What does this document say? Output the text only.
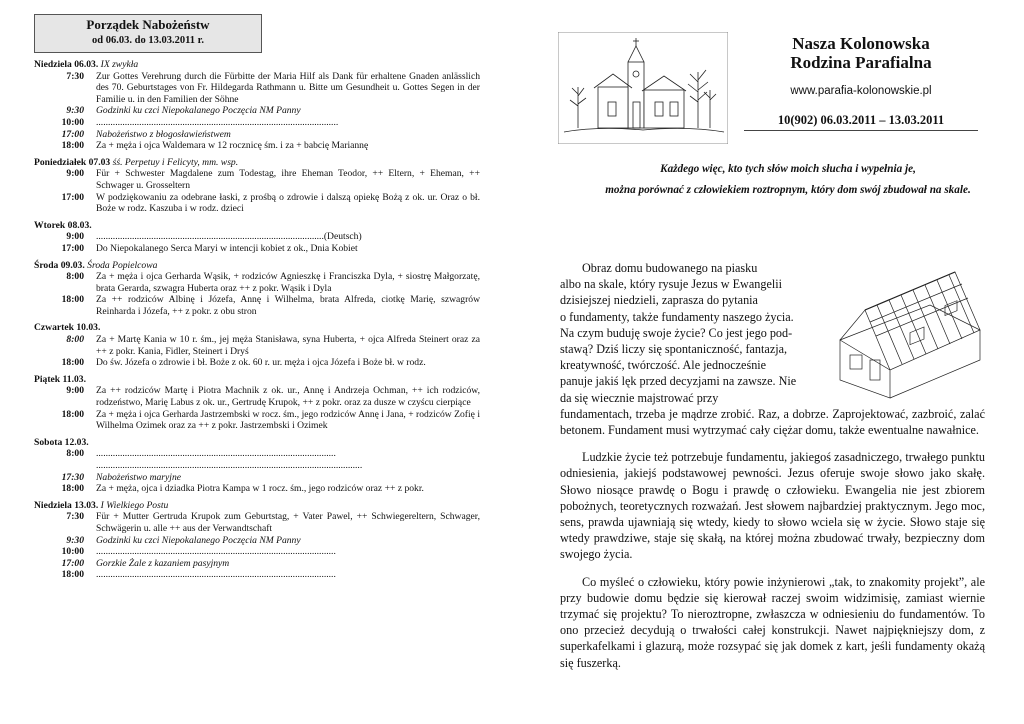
Porządek Nabożeństw
od 06.03. do 13.03.2011 r.
Niedziela 06.03. IX zwykła
7:30	Zur Gottes Verehrung durch die Fürbitte der Maria Hilf als Dank für erhaltene Gnaden anlässlich des 70. Geburtstages von Fr. Hildegarda Rathmann u. Bitte um Gesundheit u. Gottes Segen in der Familie u. in den Familien der Söhne
9:30	Godzinki ku czci Niepokalanego Poczęcia NM Panny
10:00	.....................................................................................................
17:00	Nabożeństwo z błogosławieństwem
18:00	Za + męża i ojca Waldemara w 12 rocznicę śm. i za + babcię Mariannę
Poniedziałek 07.03 śś. Perpetuy i Felicyty, mm. wsp.
9:00	Für + Schwester Magdalene zum Todestag, ihre Eheman Teodor, ++ Eltern, + Eheman, ++ Schwager u. Grosseltern
17:00	W podziękowaniu za odebrane łaski, z prośbą o zdrowie i dalszą opiekę Bożą z ok. ur. Oraz o bł. Boże w rodz. Kaszuba i w rodz. dzieci
Wtorek 08.03.
9:00	...............................................................................................(Deutsch)
17:00	Do Niepokalanego Serca Maryi w intencji kobiet z ok., Dnia Kobiet
Środa 09.03. Środa Popielcowa
8:00	Za + męża i ojca Gerharda Wąsik, + rodziców Agnieszkę i Franciszka Dyla, + siostrę Małgorzatę, brata Gerarda, szwagra Huberta oraz ++ z pokr. Wąsik i Dyla
18:00	Za ++ rodziców Albinę i Józefa, Annę i Wilhelma, brata Alfreda, ciotkę Marię, szwagrów Reinharda i Józefa, ++ z pokr. z obu stron
Czwartek 10.03.
8:00	Za + Martę Kania w 10 r. śm., jej męża Stanisława, syna Huberta, + ojca Alfreda Steinert oraz za ++ z pokr. Kania, Fidler, Steinert i Dryś
18:00	Do św. Józefa o zdrowie i bł. Boże z ok. 60 r. ur. męża i ojca Józefa i Boże bł. w rodz.
Piątek 11.03.
9:00	Za ++ rodziców Martę i Piotra Machnik z ok. ur., Annę i Andrzeja Ochman, ++ ich rodziców, rodzeństwo, Marię Labus z ok. ur., Gertrudę Krupok, ++ z pokr. oraz za dusze w czyścu cierpiące
18:00	Za + męża i ojca Gerharda Jastrzembski w rocz. śm., jego rodziców Annę i Jana, + rodziców Zofię i Wilhelma Ozimek oraz za ++ z pokr. Jastrzembski i Ozimek
Sobota 12.03.
8:00	....................................................................................................
...............................................................................................................
17:30	Nabożeństwo maryjne
18:00	Za + męża, ojca i dziadka Piotra Kampa w 1 rocz. śm., jego rodziców oraz ++ z pokr.
Niedziela 13.03. I Wielkiego Postu
7:30	Für + Mutter Gertruda Krupok zum Geburtstag, + Vater Pawel, ++ Schwiegereltern, Schwager, Schwägerin u. alle ++ aus der Verwandtschaft
9:30	Godzinki ku czci Niepokalanego Poczęcia NM Panny
10:00	....................................................................................................
17:00	Gorzkie Żale z kazaniem pasyjnym
18:00	....................................................................................................
Nasza Kolonowska
Rodzina Parafialna
www.parafia-kolonowskie.pl
10(902) 06.03.2011 – 13.03.2011

Każdego więc, kto tych słów moich słucha i wypełnia je,

można porównać z człowiekiem roztropnym, który dom swój zbudował na skale.

Obraz domu budowanego na piasku
albo na skale, który rysuje Jezus w Ewangelii
dzisiejszej niedzieli, zaprasza do pytania
o fundamenty, także fundamenty naszego życia.
Na czym buduję swoje życie? Co jest jego pod-
stawą? Dziś liczy się spontaniczność, fantazja,
kreatywność, twórczość. Ale jednocześnie
panuje jakiś lęk przed decyzjami na zawsze. Nie
da się wiecznie majstrować przy

fundamentach, trzeba je mądrze zrobić. Raz, a dobrze. Zaprojektować, zazbroić, zalać betonem. Fundament musi wytrzymać cały ciężar domu, także ewentualne nawałnice.

Ludzkie życie też potrzebuje fundamentu, jakiegoś zasadniczego, trwałego punktu odniesienia, jakiejś podstawowej pewności. Jezus oferuje swoje słowo jako skałę. Słowo niosące prawdę o Bogu i prawdę o człowieku. Ewangelia nie jest zbiorem pobożnych, teoretycznych rozważań. Jest słowem najbardziej praktycznym. Jego moc, sens, prawda ujawniają się wtedy, kiedy to słowo wciela się w życie. Słowo staje się wtedy prawdziwe, staje się skałą, na której można zbudować trwały, bezpieczny dom swojego życia.

Co myśleć o człowieku, który powie inżynierowi „tak, to znakomity projekt”, ale przy budowie domu będzie się kierował raczej swoim widzimisię, zamiast wiernie trzymać się projektu? To nieroztropne, zwłaszcza w odniesieniu do fundamentów. To ono przecież decydują o trwałości całej konstrukcji. Nawet najpiękniejszy dom, z superkafelkami i glazurą, może rozsypać się jak domek z kart, jeśli fundamenty okażą się fuszerką.
